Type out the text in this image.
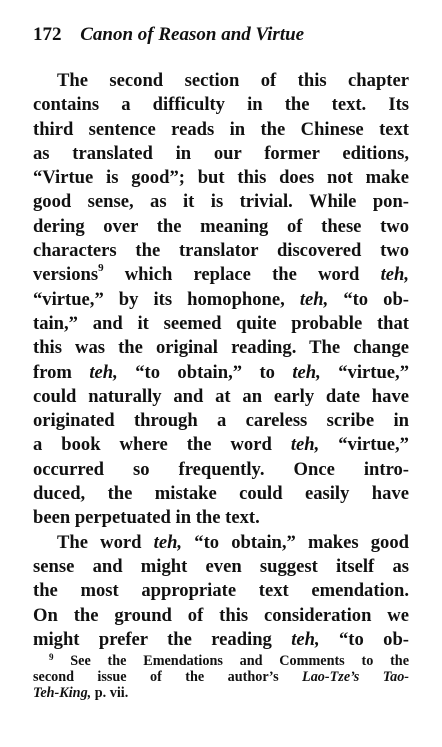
172 Canon of Reason and Virtue

The second section of this chapter
contains a difficulty in the text. Its
third sentence reads in the Chinese text
as translated in our former editions,
“Virtue is good”; but this does not make
good sense, as it is trivial. While pon-
dering over the meaning of these two
characters the translator discovered two
versions$^9$ which replace the word teh,
“virtue,” by its homophone, teh, “to ob-
tain,” and it seemed quite probable that
this was the original reading. The change
from teh, “to obtain,” to teh, “virtue,”
could naturally and at an early date have
originated through a careless scribe in
a book where the word teh, “virtue,”
occurred so frequently. Once intro-
duced, the mistake could easily have
been perpetuated in the text.

The word teh, “to obtain,” makes good
sense and might even suggest itself as
the most appropriate text emendation.
On the ground of this consideration we
might prefer the reading teh, “to ob-

$^9$ See the Emendations and Comments to the
second issue of the author’s Lao-Tze’s Tao-
Teh-King, p. vii.
